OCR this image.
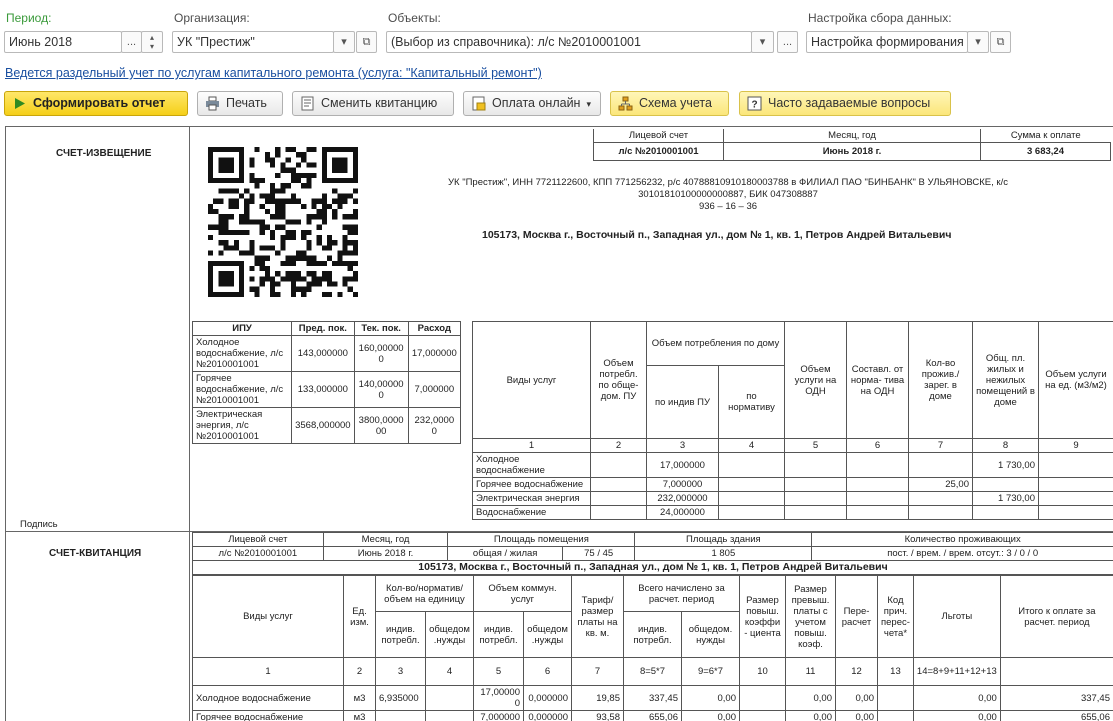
Период:
Июнь 2018	...	▴
▾
Организация:
УК "Престиж"	▾	⧉
Объекты:
(Выбор из справочника): л/с №2010001001	▾	...
Настройка сбора данных:
Настройка формирования	▾	⧉
Ведется раздельный учет по услугам капитального ремонта (услуга: "Капитальный ремонт")
Сформировать отчет	Печать	Сменить квитанцию	Оплата онлайн ▾	Схема учета	? Часто задаваемые вопросы
СЧЕТ-ИЗВЕЩЕНИЕ
Лицевой счет	Месяц, год	Сумма к оплате
л/с №2010001001	Июнь 2018 г.	3 683,24
УК "Престиж", ИНН 7721122600, КПП 771256232, р/с 40788810910180003788 в ФИЛИАЛ ПАО "БИНБАНК" В УЛЬЯНОВСКЕ, к/с
30101810100000000887, БИК 047308887
936 – 16 – 36
105173, Москва г., Восточный п., Западная ул., дом № 1, кв. 1, Петров Андрей Витальевич
ИПУ	Пред. пок.	Тек. пок.	Расход
Холодное водоснабжение, л/с №2010001001	143,000000	160,00000 0	17,000000
Горячее водоснабжение, л/с №2010001001	133,000000	140,00000 0	7,000000
Электрическая энергия, л/с №2010001001	3568,000000	3800,0000 00	232,0000 0
Виды услуг	Объем потребл. по обще- дом. ПУ	Объем потребления по дому		Объем услуги на ОДН	Составл. от норма- тива на ОДН	Кол-во прожив./ зарег. в доме	Общ. пл. жилых и нежилых помещений в доме	Объем услуги на ед. (м3/м2)
		по индив ПУ	по нормативу					
1	2	3	4	5	6	7	8	9
Холодное водоснабжение		17,000000					1 730,00	
Горячее водоснабжение		7,000000				25,00		
Электрическая энергия		232,000000					1 730,00	
Водоснабжение		24,000000						
Подпись
СЧЕТ-КВИТАНЦИЯ
Лицевой счет	Месяц, год	Площадь помещения		Площадь здания	Количество проживающих
л/с №2010001001	Июнь 2018 г.	общая / жилая	75 / 45	1 805	пост. / врем. / врем. отсут.: 3 / 0 / 0
105173, Москва г., Восточный п., Западная ул., дом № 1, кв. 1, Петров Андрей Витальевич					
Виды услуг	Ед. изм.	Кол-во/норматив/ объем на единицу		Объем коммун. услуг		Тариф/ размер платы на кв. м.	Всего начислено за расчет. период		Размер повыш. коэффи - циента	Размер превыш. платы с учетом повыш. коэф.	Пере- расчет	Код прич. перес- чета*	Льготы	Итого к оплате за расчет. период
		индив. потребл.	общедом .нужды	индив. потребл.	общедом .нужды		индив. потребл.	общедом. нужды						
1	2	3	4	5	6	7	8=5*7	9=6*7	10	11	12	13	14=8+9+11+12+13	
Холодное водоснабжение	м3	6,935000		17,00000 0	0,000000	19,85	337,45	0,00		0,00	0,00		0,00	337,45
Горячее водоснабжение	м3			7,000000	0,000000	93,58	655,06	0,00		0,00	0,00		0,00	655,06
